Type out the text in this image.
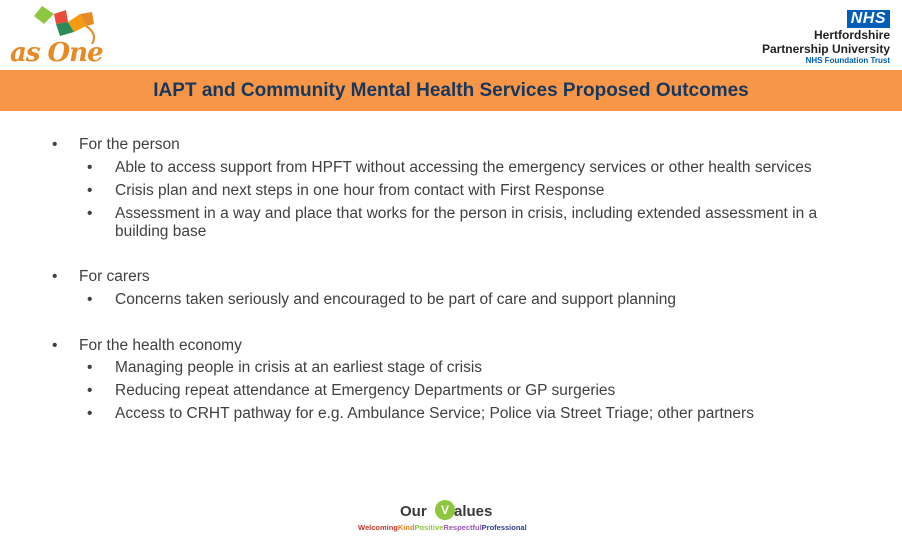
as One
NHS
Hertfordshire
Partnership University
NHS Foundation Trust
IAPT and Community Mental Health Services Proposed Outcomes
• For the person
• Able to access support from HPFT without accessing the emergency services or other health services
• Crisis plan and next steps in one hour from contact with First Response
• Assessment in a way and place that works for the person in crisis, including extended assessment in a building base
• For carers
• Concerns taken seriously and encouraged to be part of care and support planning
• For the health economy
• Managing people in crisis at an earliest stage of crisis
• Reducing repeat attendance at Emergency Departments or GP surgeries
• Access to CRHT pathway for e.g. Ambulance Service; Police via Street Triage; other partners
Our	V alues
WelcomingKindPositiveRespectfulProfessional
